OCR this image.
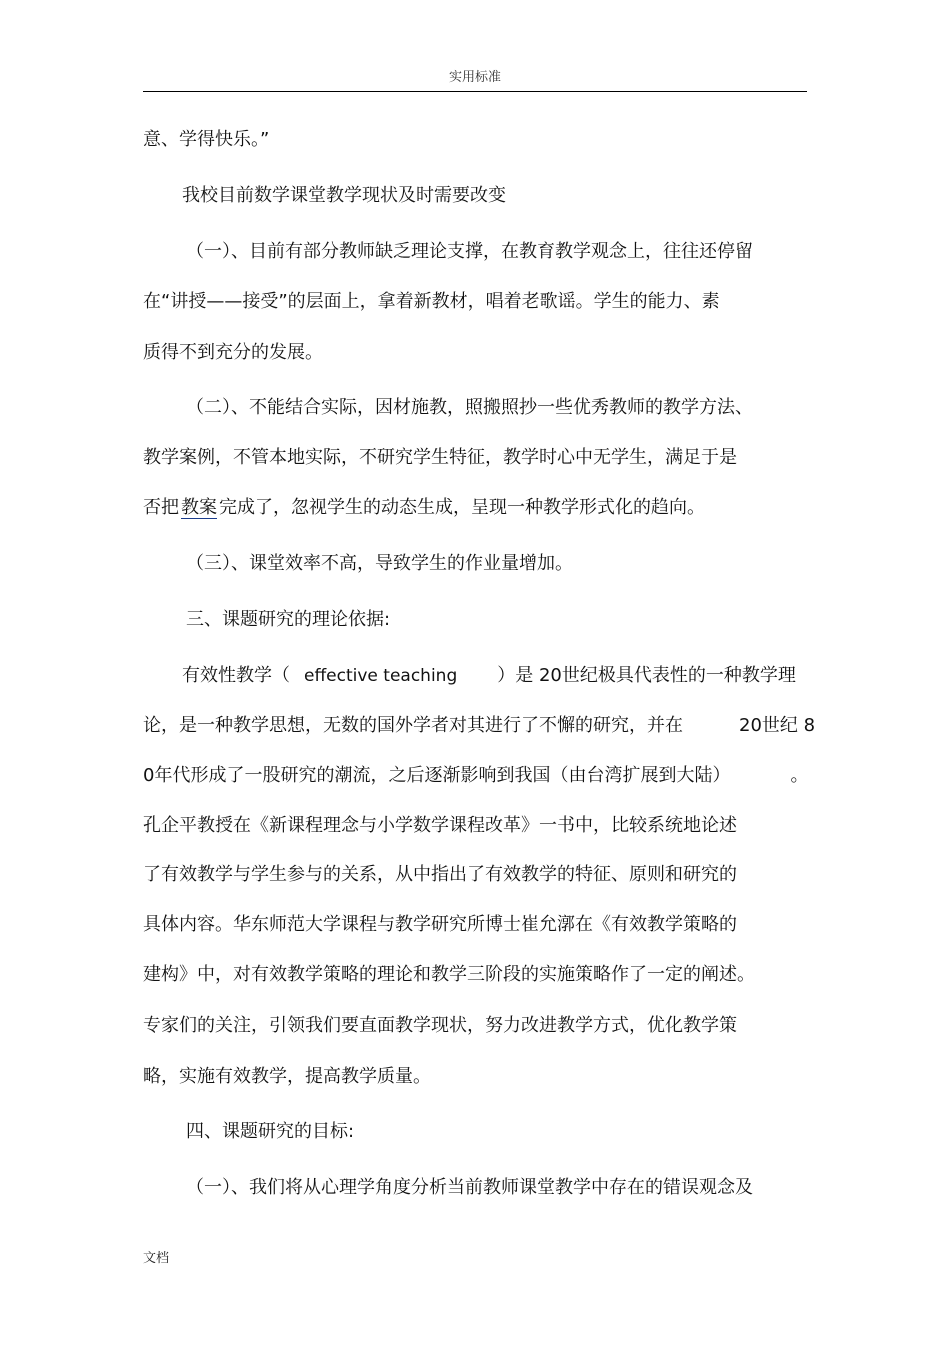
实用标准
意、学得快乐。”
我校目前数学课堂教学现状及时需要改变
（一）、目前有部分教师缺乏理论支撑，在教育教学观念上，往往还停留
在“讲授——接受”的层面上，拿着新教材，唱着老歌谣。学生的能力、素
质得不到充分的发展。
（二）、不能结合实际，因材施教，照搬照抄一些优秀教师的教学方法、
教学案例，不管本地实际，不研究学生特征，教学时心中无学生，满足于是
否把 教案 完成了，忽视学生的动态生成，呈现一种教学形式化的趋向。
（三）、课堂效率不高，导致学生的作业量增加。
三、课题研究的理论依据:
有效性教学（ effective teaching ）是 20世纪极具代表性的一种教学理
论，是一种教学思想，无数的国外学者对其进行了不懈的研究，并在	20世纪 8
0年代形成了一股研究的潮流，之后逐渐影响到我国（由台湾扩展到大陆）	。
孔企平教授在《新课程理念与小学数学课程改革》一书中，比较系统地论述
了有效教学与学生参与的关系，从中指出了有效教学的特征、原则和研究的
具体内容。华东师范大学课程与教学研究所博士崔允漷在《有效教学策略的
建构》中，对有效教学策略的理论和教学三阶段的实施策略作了一定的阐述。
专家们的关注，引领我们要直面教学现状，努力改进教学方式，优化教学策
略，实施有效教学，提高教学质量。
四、课题研究的目标:
（一）、我们将从心理学角度分析当前教师课堂教学中存在的错误观念及
文档
